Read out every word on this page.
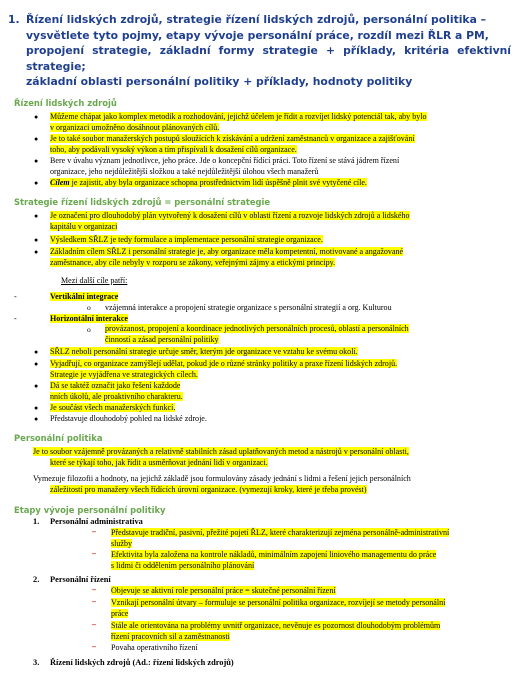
1. Řízení lidských zdrojů, strategie řízení lidských zdrojů, personální politika –
vysvětlete tyto pojmy, etapy vývoje personální práce, rozdíl mezi ŘLR a PM,
propojení strategie, základní formy strategie + příklady, kritéria efektivní strategie;
základní oblasti personální politiky + příklady, hodnoty politiky
Řízení lidských zdrojů
● Můžeme chápat jako komplex metodik a rozhodování, jejichž účelem je řídit a rozvíjet lidský potenciál tak, aby bylo
v organizaci umožněno dosáhnout plánovaných cílů.
● Je to také soubor manažerských postupů sloužících k získávání a udržení zaměstnanců v organizace a zajišťování
toho, aby podávali vysoký výkon a tím přispívali k dosažení cílů organizace.
● Bere v úvahu význam jednotlivce, jeho práce. Jde o koncepční řídící práci. Toto řízení se stává jádrem řízení
organizace, jeho nejdůležitější složkou a také nejdůležitější úlohou všech manažerů
● Cílem je zajistit, aby byla organizace schopna prostřednictvím lidí úspěšně plnit své vytyčené cíle.
Strategie řízení lidských zdrojů = personální strategie
● Je označení pro dlouhodobý plán vytvořený k dosažení cílů v oblasti řízení a rozvoje lidských zdrojů a lidského
kapitálu v organizaci
● Výsledkem SŘLZ je tedy formulace a implementace personální strategie organizace.
● Základním cílem SŘLZ i personální strategie je, aby organizace měla kompetentní, motivované a angažované
zaměstnance, aby cíle nebyly v rozporu se zákony, veřejnými zájmy a etickými principy.
Mezi další cíle patří:
-	Vertikální integrace
o vzájemná interakce a propojení strategie organizace s personální strategií a org. Kulturou
-	Horizontální interakce
o provázanost, propojení a koordinace jednotlivých personálních procesů, oblastí a personálních
činností a zásad personální politiky
● SŘLZ neboli personální strategie určuje směr, kterým jde organizace ve vztahu ke svému okolí.
● Vyjadřují, co organizace zamýšlejí udělat, pokud jde o různé stránky politiky a praxe řízení lidských zdrojů.
Strategie je vyjádřena ve strategických cílech.
● Dá se taktéž označit jako řešení každode
nních úkolů, ale proaktivního charakteru.
● Je součást všech manažerských funkcí.
● Představuje dlouhodobý pohled na lidské zdroje.
Personální politika
Je to soubor vzájemně provázaných a relativně stabilních zásad uplatňovaných metod a nástrojů v personální oblasti,
které se týkají toho, jak řídit a usměrňovat jednání lidí v organizaci.
Vymezuje filozofii a hodnoty, na jejichž základě jsou formulovány zásady jednání s lidmi a řešení jejich personálních
záležitostí pro manažery všech řídících úrovní organizace. (vymezují kroky, které je třeba provést)
Etapy vývoje personální politiky
1. Personální administrativa
– Představuje tradiční, pasivní, přežité pojetí ŘLZ, které charakterizují zejména personálně-administrativní
služby
– Efektivita byla založena na kontrole nákladů, minimálním zapojení liniového managementu do práce
s lidmi či oddělením personálního plánování
2. Personální řízení
– Objevuje se aktivní role personální práce = skutečné personální řízení
– Vznikají personální útvary – formuluje se personální politika organizace, rozvíjejí se metody personální
práce
– Stále ale orientována na problémy uvnitř organizace, nevěnuje es pozornost dlouhodobým problémům
řízení pracovních sil a zaměstnanosti
– Povaha operativního řízení
3. Řízení lidských zdrojů (Ad.: řízení lidských zdrojů)
